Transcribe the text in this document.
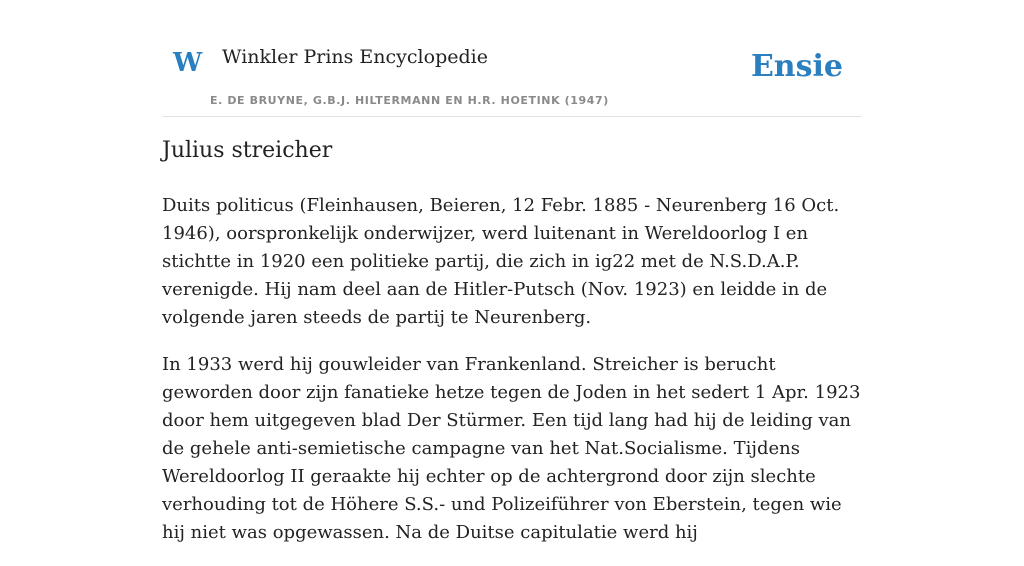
W Winkler Prins Encyclopedie
E. DE BRUYNE, G.B.J. HILTERMANN EN H.R. HOETINK (1947)
Ensie
Julius streicher

Duits politicus (Fleinhausen, Beieren, 12 Febr. 1885 - Neurenberg 16 Oct. 1946), oorspronkelijk onderwijzer, werd luitenant in Wereldoorlog I en stichtte in 1920 een politieke partij, die zich in ig22 met de N.S.D.A.P. verenigde. Hij nam deel aan de Hitler-Putsch (Nov. 1923) en leidde in de volgende jaren steeds de partij te Neurenberg.

In 1933 werd hij gouwleider van Frankenland. Streicher is berucht geworden door zijn fanatieke hetze tegen de Joden in het sedert 1 Apr. 1923 door hem uitgegeven blad Der Stürmer. Een tijd lang had hij de leiding van de gehele anti-semietische campagne van het Nat.Socialisme. Tijdens Wereldoorlog II geraakte hij echter op de achtergrond door zijn slechte verhouding tot de Höhere S.S.- und Polizeiführer von Eberstein, tegen wie hij niet was opgewassen. Na de Duitse capitulatie werd hij
